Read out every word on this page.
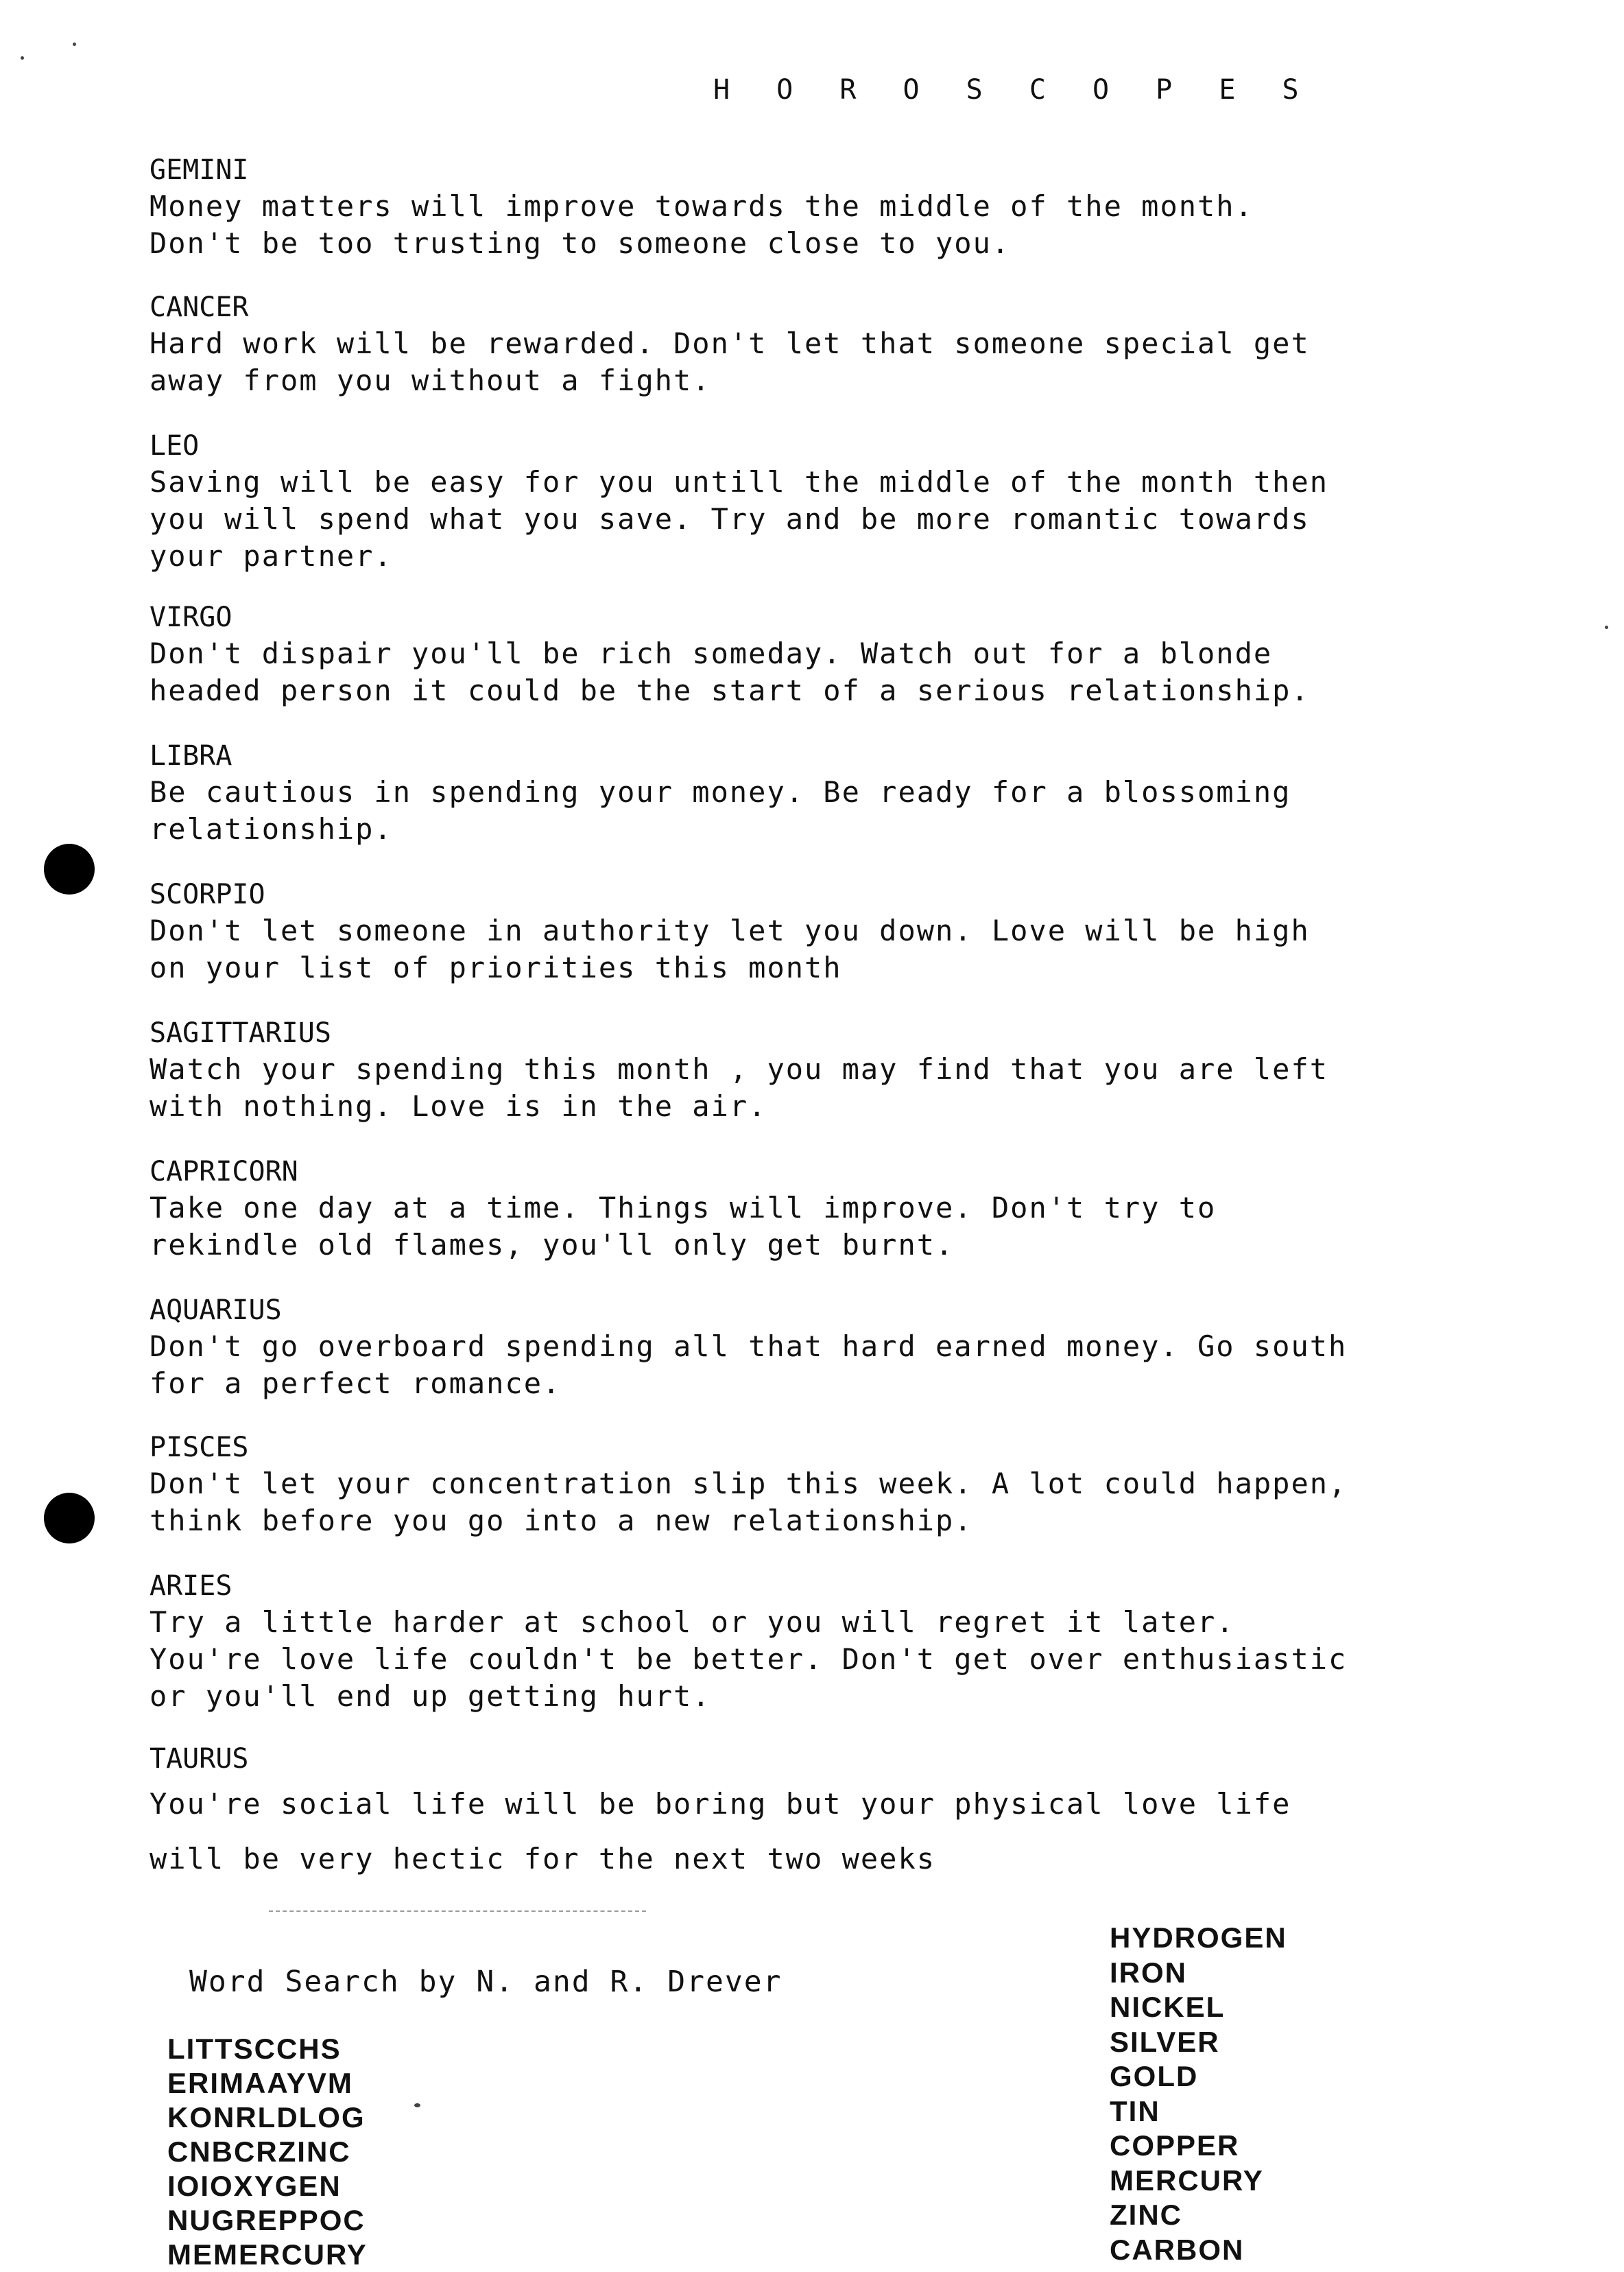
H O R O S C O P E S
GEMINI
Money matters will improve towards the middle of the month.
Don't be too trusting to someone close to you.
CANCER
Hard work will be rewarded. Don't let that someone special get
away from you without a fight.
LEO
Saving will be easy for you untill the middle of the month then
you will spend what you save. Try and be more romantic towards
your partner.
VIRGO
Don't dispair you'll be rich someday. Watch out for a blonde
headed person it could be the start of a serious relationship.
LIBRA
Be cautious in spending your money. Be ready for a blossoming
relationship.
SCORPIO
Don't let someone in authority let you down. Love will be high
on your list of priorities this month
SAGITTARIUS
Watch your spending this month , you may find that you are left
with nothing. Love is in the air.
CAPRICORN
Take one day at a time. Things will improve. Don't try to
rekindle old flames, you'll only get burnt.
AQUARIUS
Don't go overboard spending all that hard earned money. Go south
for a perfect romance.
PISCES
Don't let your concentration slip this week. A lot could happen,
think before you go into a new relationship.
ARIES
Try a little harder at school or you will regret it later.
You're love life couldn't be better. Don't get over enthusiastic
or you'll end up getting hurt.
TAURUS
You're social life will be boring but your physical love life
will be very hectic for the next two weeks
Word Search by N. and R. Drever
LITTSCCHS
ERIMAAYVM
KONRLDLOG
CNBCRZINC
IOIOXYGEN
NUGREPPOC
MEMERCURY
HYDROGEN
IRON
NICKEL
SILVER
GOLD
TIN
COPPER
MERCURY
ZINC
CARBON
